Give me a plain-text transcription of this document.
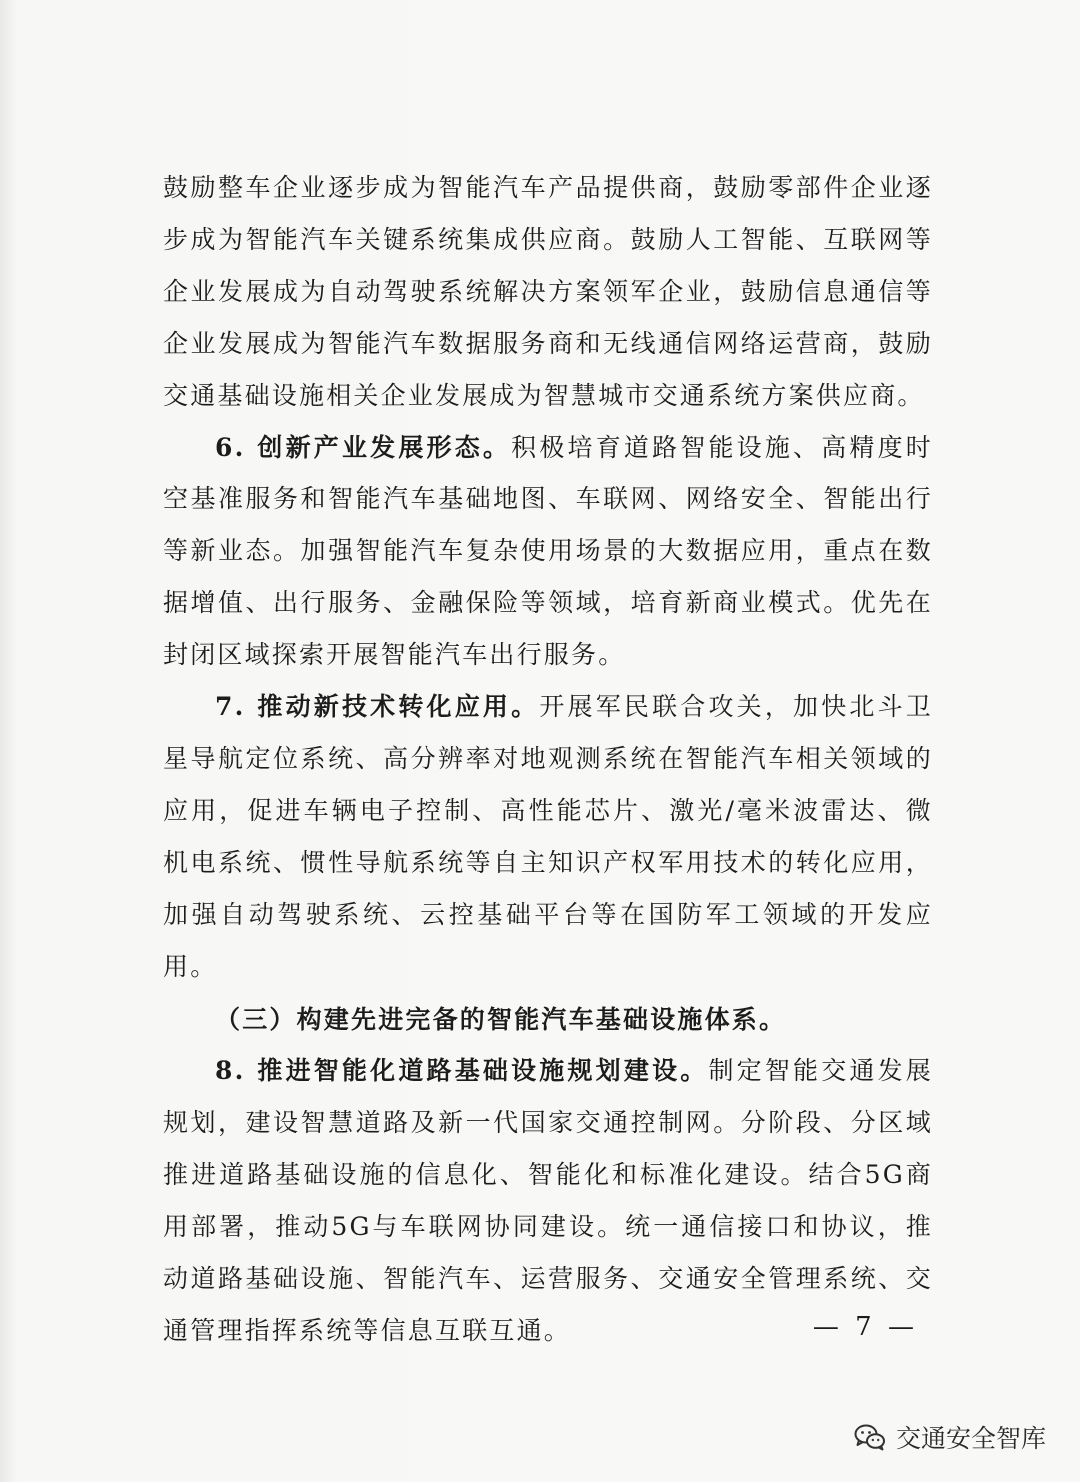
鼓励整车企业逐步成为智能汽车产品提供商，鼓励零部件企业逐步成为智能汽车关键系统集成供应商。鼓励人工智能、互联网等企业发展成为自动驾驶系统解决方案领军企业，鼓励信息通信等企业发展成为智能汽车数据服务商和无线通信网络运营商，鼓励交通基础设施相关企业发展成为智慧城市交通系统方案供应商。

6. 创新产业发展形态。积极培育道路智能设施、高精度时空基准服务和智能汽车基础地图、车联网、网络安全、智能出行等新业态。加强智能汽车复杂使用场景的大数据应用，重点在数据增值、出行服务、金融保险等领域，培育新商业模式。优先在封闭区域探索开展智能汽车出行服务。

7. 推动新技术转化应用。开展军民联合攻关，加快北斗卫星导航定位系统、高分辨率对地观测系统在智能汽车相关领域的应用，促进车辆电子控制、高性能芯片、激光/毫米波雷达、微机电系统、惯性导航系统等自主知识产权军用技术的转化应用，加强自动驾驶系统、云控基础平台等在国防军工领域的开发应用。

（三）构建先进完备的智能汽车基础设施体系。

8. 推进智能化道路基础设施规划建设。制定智能交通发展规划，建设智慧道路及新一代国家交通控制网。分阶段、分区域推进道路基础设施的信息化、智能化和标准化建设。结合5G商用部署，推动5G与车联网协同建设。统一通信接口和协议，推动道路基础设施、智能汽车、运营服务、交通安全管理系统、交通管理指挥系统等信息互联互通。	— 7 —
交通安全智库
